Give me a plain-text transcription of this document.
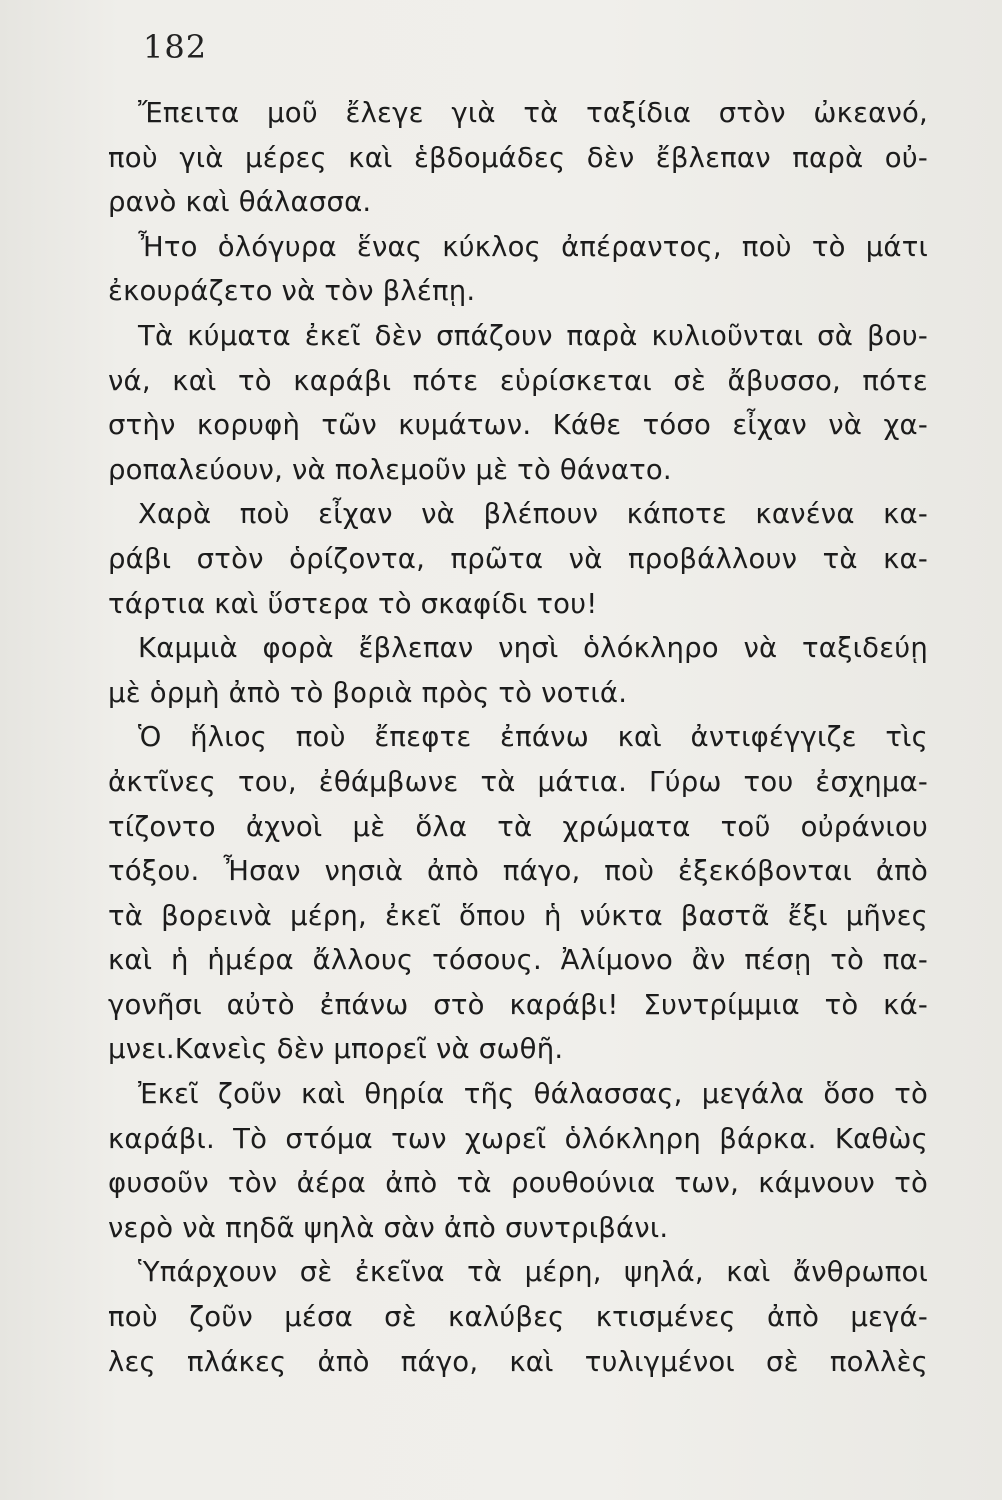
182
Ἔπειτα μοῦ ἔλεγε γιὰ τὰ ταξίδια στὸν ὠκεανό,
ποὺ γιὰ μέρες καὶ ἑβδομάδες δὲν ἔβλεπαν παρὰ οὐ-
ρανὸ καὶ θάλασσα.
Ἦτο ὁλόγυρα ἕνας κύκλος ἀπέραντος, ποὺ τὸ μάτι
ἐκουράζετο νὰ τὸν βλέπῃ.
Τὰ κύματα ἐκεῖ δὲν σπάζουν παρὰ κυλιοῦνται σὰ βου-
νά, καὶ τὸ καράβι πότε εὑρίσκεται σὲ ἄβυσσο, πότε
στὴν κορυφὴ τῶν κυμάτων. Κάθε τόσο εἶχαν νὰ χα-
ροπαλεύουν, νὰ πολεμοῦν μὲ τὸ θάνατο.
Χαρὰ ποὺ εἶχαν νὰ βλέπουν κάποτε κανένα κα-
ράβι στὸν ὁρίζοντα, πρῶτα νὰ προβάλλουν τὰ κα-
τάρτια καὶ ὕστερα τὸ σκαφίδι του!
Καμμιὰ φορὰ ἔβλεπαν νησὶ ὁλόκληρο νὰ ταξιδεύῃ
μὲ ὁρμὴ ἀπὸ τὸ βοριὰ πρὸς τὸ νοτιά.
Ὁ ἥλιος ποὺ ἔπεφτε ἐπάνω καὶ ἀντιφέγγιζε τὶς
ἀκτῖνες του, ἐθάμβωνε τὰ μάτια. Γύρω του ἐσχημα-
τίζοντο ἀχνοὶ μὲ ὅλα τὰ χρώματα τοῦ οὐράνιου
τόξου. Ἦσαν νησιὰ ἀπὸ πάγο, ποὺ ἐξεκόβονται ἀπὸ
τὰ βορεινὰ μέρη, ἐκεῖ ὅπου ἡ νύκτα βαστᾶ ἔξι μῆνες
καὶ ἡ ἡμέρα ἄλλους τόσους. Ἀλίμονο ἂν πέσῃ τὸ πα-
γονῆσι αὐτὸ ἐπάνω στὸ καράβι! Συντρίμμια τὸ κά-
μνει.Κανεὶς δὲν μπορεῖ νὰ σωθῆ.
Ἐκεῖ ζοῦν καὶ θηρία τῆς θάλασσας, μεγάλα ὅσο τὸ
καράβι. Τὸ στόμα των χωρεῖ ὁλόκληρη βάρκα. Καθὼς
φυσοῦν τὸν ἀέρα ἀπὸ τὰ ρουθούνια των, κάμνουν τὸ
νερὸ νὰ πηδᾶ ψηλὰ σὰν ἀπὸ συντριβάνι.
Ὑπάρχουν σὲ ἐκεῖνα τὰ μέρη, ψηλά, καὶ ἄνθρωποι
ποὺ ζοῦν μέσα σὲ καλύβες κτισμένες ἀπὸ μεγά-
λες πλάκες ἀπὸ πάγο, καὶ τυλιγμένοι σὲ πολλὲς
